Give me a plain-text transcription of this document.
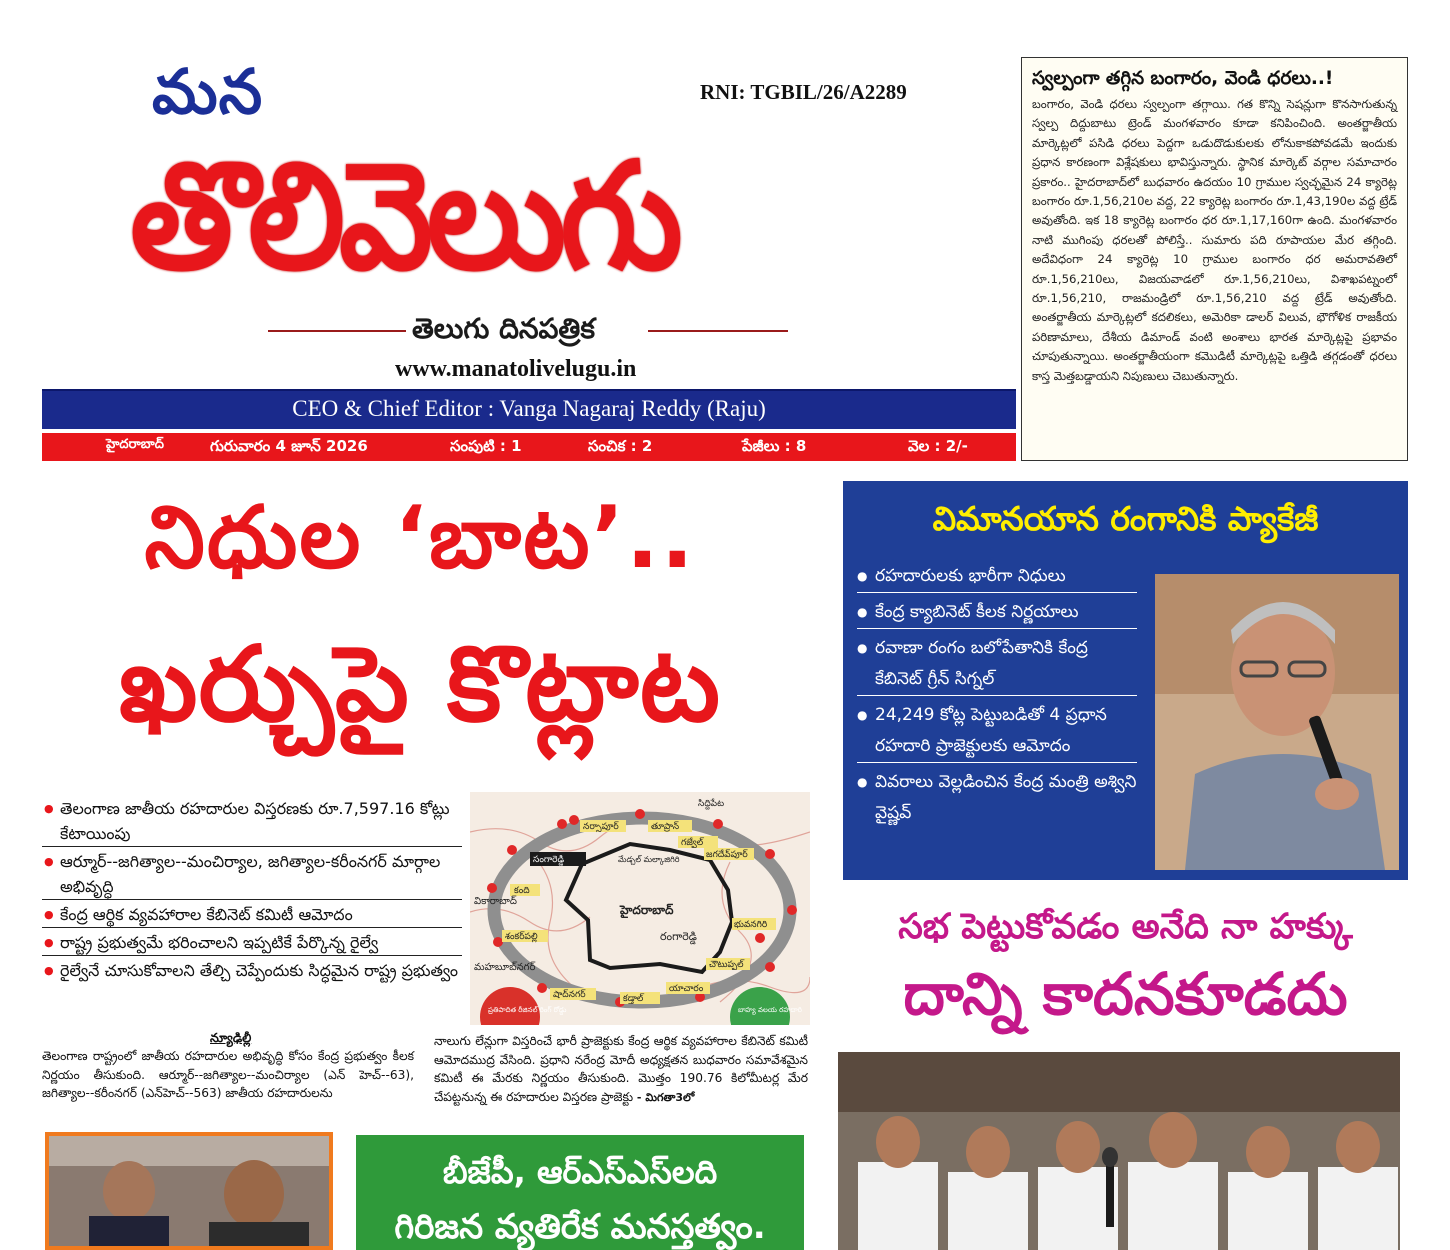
మన	RNI: TGBIL/26/A2289
తొలివెలుగు
తెలుగు దినపత్రిక
www.manatolivelugu.in
CEO & Chief Editor : Vanga Nagaraj Reddy (Raju)
హైదరాబాద్	గురువారం 4 జూన్ 2026	సంపుటి : 1	సంచిక : 2	పేజీలు : 8	వెల : 2/-
స్వల్పంగా తగ్గిన బంగారం, వెండి ధరలు..!

బంగారం, వెండి ధరలు స్వల్పంగా తగ్గాయి. గత కొన్ని సెషన్లుగా కొనసాగుతున్న స్వల్ప దిద్దుబాటు ట్రెండ్ మంగళవారం కూడా కనిపించింది. అంతర్జాతీయ మార్కెట్లలో పసిడి ధరలు పెద్దగా ఒడుదొడుకులకు లోనుకాకపోవడమే ఇందుకు ప్రధాన కారణంగా విశ్లేషకులు భావిస్తున్నారు. స్థానిక మార్కెట్ వర్గాల సమాచారం ప్రకారం.. హైదరాబాద్‌లో బుధవారం ఉదయం 10 గ్రాముల స్వచ్ఛమైన 24 క్యారెట్ల బంగారం రూ.1,56,210ల వద్ద, 22 క్యారెట్ల బంగారం రూ.1,43,190ల వద్ద ట్రేడ్ అవుతోంది. ఇక 18 క్యారెట్ల బంగారం ధర రూ.1,17,160గా ఉంది. మంగళవారం నాటి ముగింపు ధరలతో పోలిస్తే.. సుమారు పది రూపాయల మేర తగ్గింది. అదేవిధంగా 24 క్యారెట్ల 10 గ్రాముల బంగారం ధర అమరావతిలో రూ.1,56,210లు, విజయవాడలో రూ.1,56,210లు, విశాఖపట్నంలో రూ.1,56,210, రాజమండ్రిలో రూ.1,56,210 వద్ద ట్రేడ్ అవుతోంది. అంతర్జాతీయ మార్కెట్లలో కదలికలు, అమెరికా డాలర్ విలువ, భౌగోళిక రాజకీయ పరిణామాలు, దేశీయ డిమాండ్ వంటి అంశాలు భారత మార్కెట్లపై ప్రభావం చూపుతున్నాయి. అంతర్జాతీయంగా కమొడిటీ మార్కెట్లపై ఒత్తిడి తగ్గడంతో ధరలు కాస్త మెత్తబడ్డాయని నిపుణులు చెబుతున్నారు.

నిధుల ‘బాట’..
ఖర్చుపై కొట్లాట
● తెలంగాణ జాతీయ రహదారుల విస్తరణకు రూ.7,597.16 కోట్లు కేటాయింపు
● ఆర్మూర్--జగిత్యాల--మంచిర్యాల, జగిత్యాల-కరీంనగర్ మార్గాల అభివృద్ధి
● కేంద్ర ఆర్థిక వ్యవహారాల కేబినెట్ కమిటీ ఆమోదం
● రాష్ట్ర ప్రభుత్వమే భరించాలని ఇప్పటికే పేర్కొన్న రైల్వే
● రైల్వేనే చూసుకోవాలని తేల్చి చెప్పేందుకు సిద్ధమైన రాష్ట్ర ప్రభుత్వం
నర్సాపూర్	తూప్రాన్
గజ్వేల్
జగదేవ్‌పూర్
సిద్దిపేట
సంగారెడ్డి	మేడ్చల్ మల్కాజిగిరి
కంది
హైదరాబాద్
రంగారెడ్డి
శంకర్‌పల్లి
చౌటుప్పల్
భువనగిరి
వికారాబాద్
షాద్‌నగర్	కడ్తాల్
యాచారం
మహబూబ్‌నగర్
ప్రతిపాదిత రీజినల్ రింగ్ రోడ్డు	బాహ్య వలయ రహదారి
న్యూఢిల్లీ
తెలంగాణ రాష్ట్రంలో జాతీయ రహదారుల అభివృద్ధి కోసం కేంద్ర ప్రభుత్వం కీలక నిర్ణయం తీసుకుంది. ఆర్మూర్--జగిత్యాల--మంచిర్యాల (ఎన్ హెచ్--63), జగిత్యాల--కరీంనగర్ (ఎన్‌హెచ్--563) జాతీయ రహదారులను
నాలుగు లేన్లుగా విస్తరించే భారీ ప్రాజెక్టుకు కేంద్ర ఆర్థిక వ్యవహారాల కేబినెట్ కమిటీ ఆమోదముద్ర వేసింది. ప్రధాని నరేంద్ర మోదీ అధ్యక్షతన బుధవారం సమావేశమైన కమిటీ ఈ మేరకు నిర్ణయం తీసుకుంది. మొత్తం 190.76 కిలోమీటర్ల మేర చేపట్టనున్న ఈ రహదారుల విస్తరణ ప్రాజెక్టు - మిగతా3లో
బీజేపీ, ఆర్‌ఎస్‌ఎస్‌లది
గిరిజన వ్యతిరేక మనస్తత్వం.
విమానయాన రంగానికి ప్యాకేజీ
● రహదారులకు భారీగా నిధులు
● కేంద్ర క్యాబినెట్ కీలక నిర్ణయాలు
● రవాణా రంగం బలోపేతానికి కేంద్ర కేబినెట్ గ్రీన్ సిగ్నల్
● 24,249 కోట్ల పెట్టుబడితో 4 ప్రధాన రహదారి ప్రాజెక్టులకు ఆమోదం
● వివరాలు వెల్లడించిన కేంద్ర మంత్రి అశ్విని వైష్ణవ్
సభ పెట్టుకోవడం అనేది నా హక్కు
దాన్ని కాదనకూడదు
